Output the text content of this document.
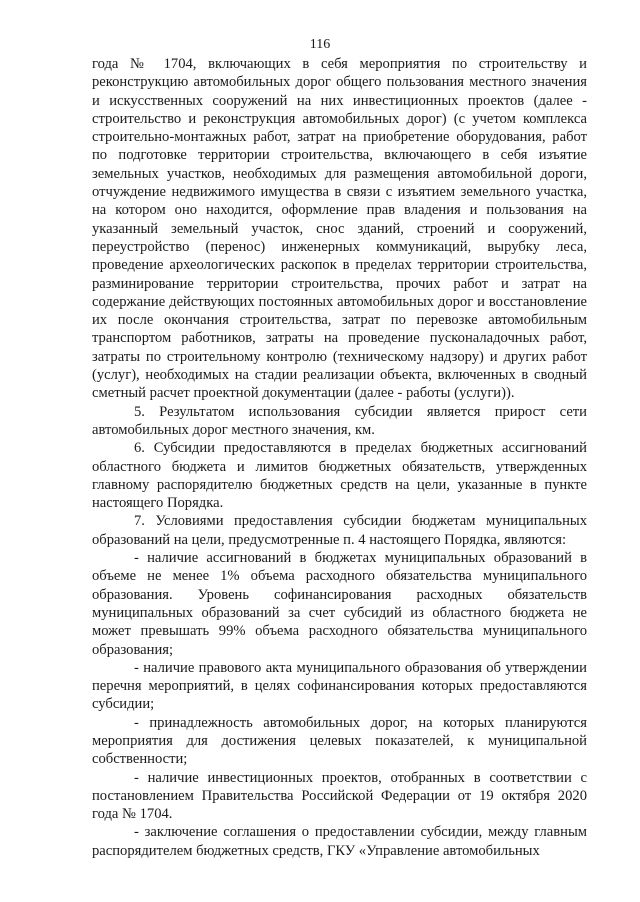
116

года № 1704, включающих в себя мероприятия по строительству и реконструкцию автомобильных дорог общего пользования местного значения и искусственных сооружений на них инвестиционных проектов (далее - строительство и реконструкция автомобильных дорог) (с учетом комплекса строительно-монтажных работ, затрат на приобретение оборудования, работ по подготовке территории строительства, включающего в себя изъятие земельных участков, необходимых для размещения автомобильной дороги, отчуждение недвижимого имущества в связи с изъятием земельного участка, на котором оно находится, оформление прав владения и пользования на указанный земельный участок, снос зданий, строений и сооружений, переустройство (перенос) инженерных коммуникаций, вырубку леса, проведение археологических раскопок в пределах территории строительства, разминирование территории строительства, прочих работ и затрат на содержание действующих постоянных автомобильных дорог и восстановление их после окончания строительства, затрат по перевозке автомобильным транспортом работников, затраты на проведение пусконаладочных работ, затраты по строительному контролю (техническому надзору) и других работ (услуг), необходимых на стадии реализации объекта, включенных в сводный сметный расчет проектной документации (далее - работы (услуги)).

5. Результатом использования субсидии является прирост сети автомобильных дорог местного значения, км.

6. Субсидии предоставляются в пределах бюджетных ассигнований областного бюджета и лимитов бюджетных обязательств, утвержденных главному распорядителю бюджетных средств на цели, указанные в пункте настоящего Порядка.

7. Условиями предоставления субсидии бюджетам муниципальных образований на цели, предусмотренные п. 4 настоящего Порядка, являются:

- наличие ассигнований в бюджетах муниципальных образований в объеме не менее 1% объема расходного обязательства муниципального образования. Уровень софинансирования расходных обязательств муниципальных образований за счет субсидий из областного бюджета не может превышать 99% объема расходного обязательства муниципального образования;

- наличие правового акта муниципального образования об утверждении перечня мероприятий, в целях софинансирования которых предоставляются субсидии;

- принадлежность автомобильных дорог, на которых планируются мероприятия для достижения целевых показателей, к муниципальной собственности;

- наличие инвестиционных проектов, отобранных в соответствии с постановлением Правительства Российской Федерации от 19 октября 2020 года № 1704.

- заключение соглашения о предоставлении субсидии, между главным распорядителем бюджетных средств, ГКУ «Управление автомобильных
